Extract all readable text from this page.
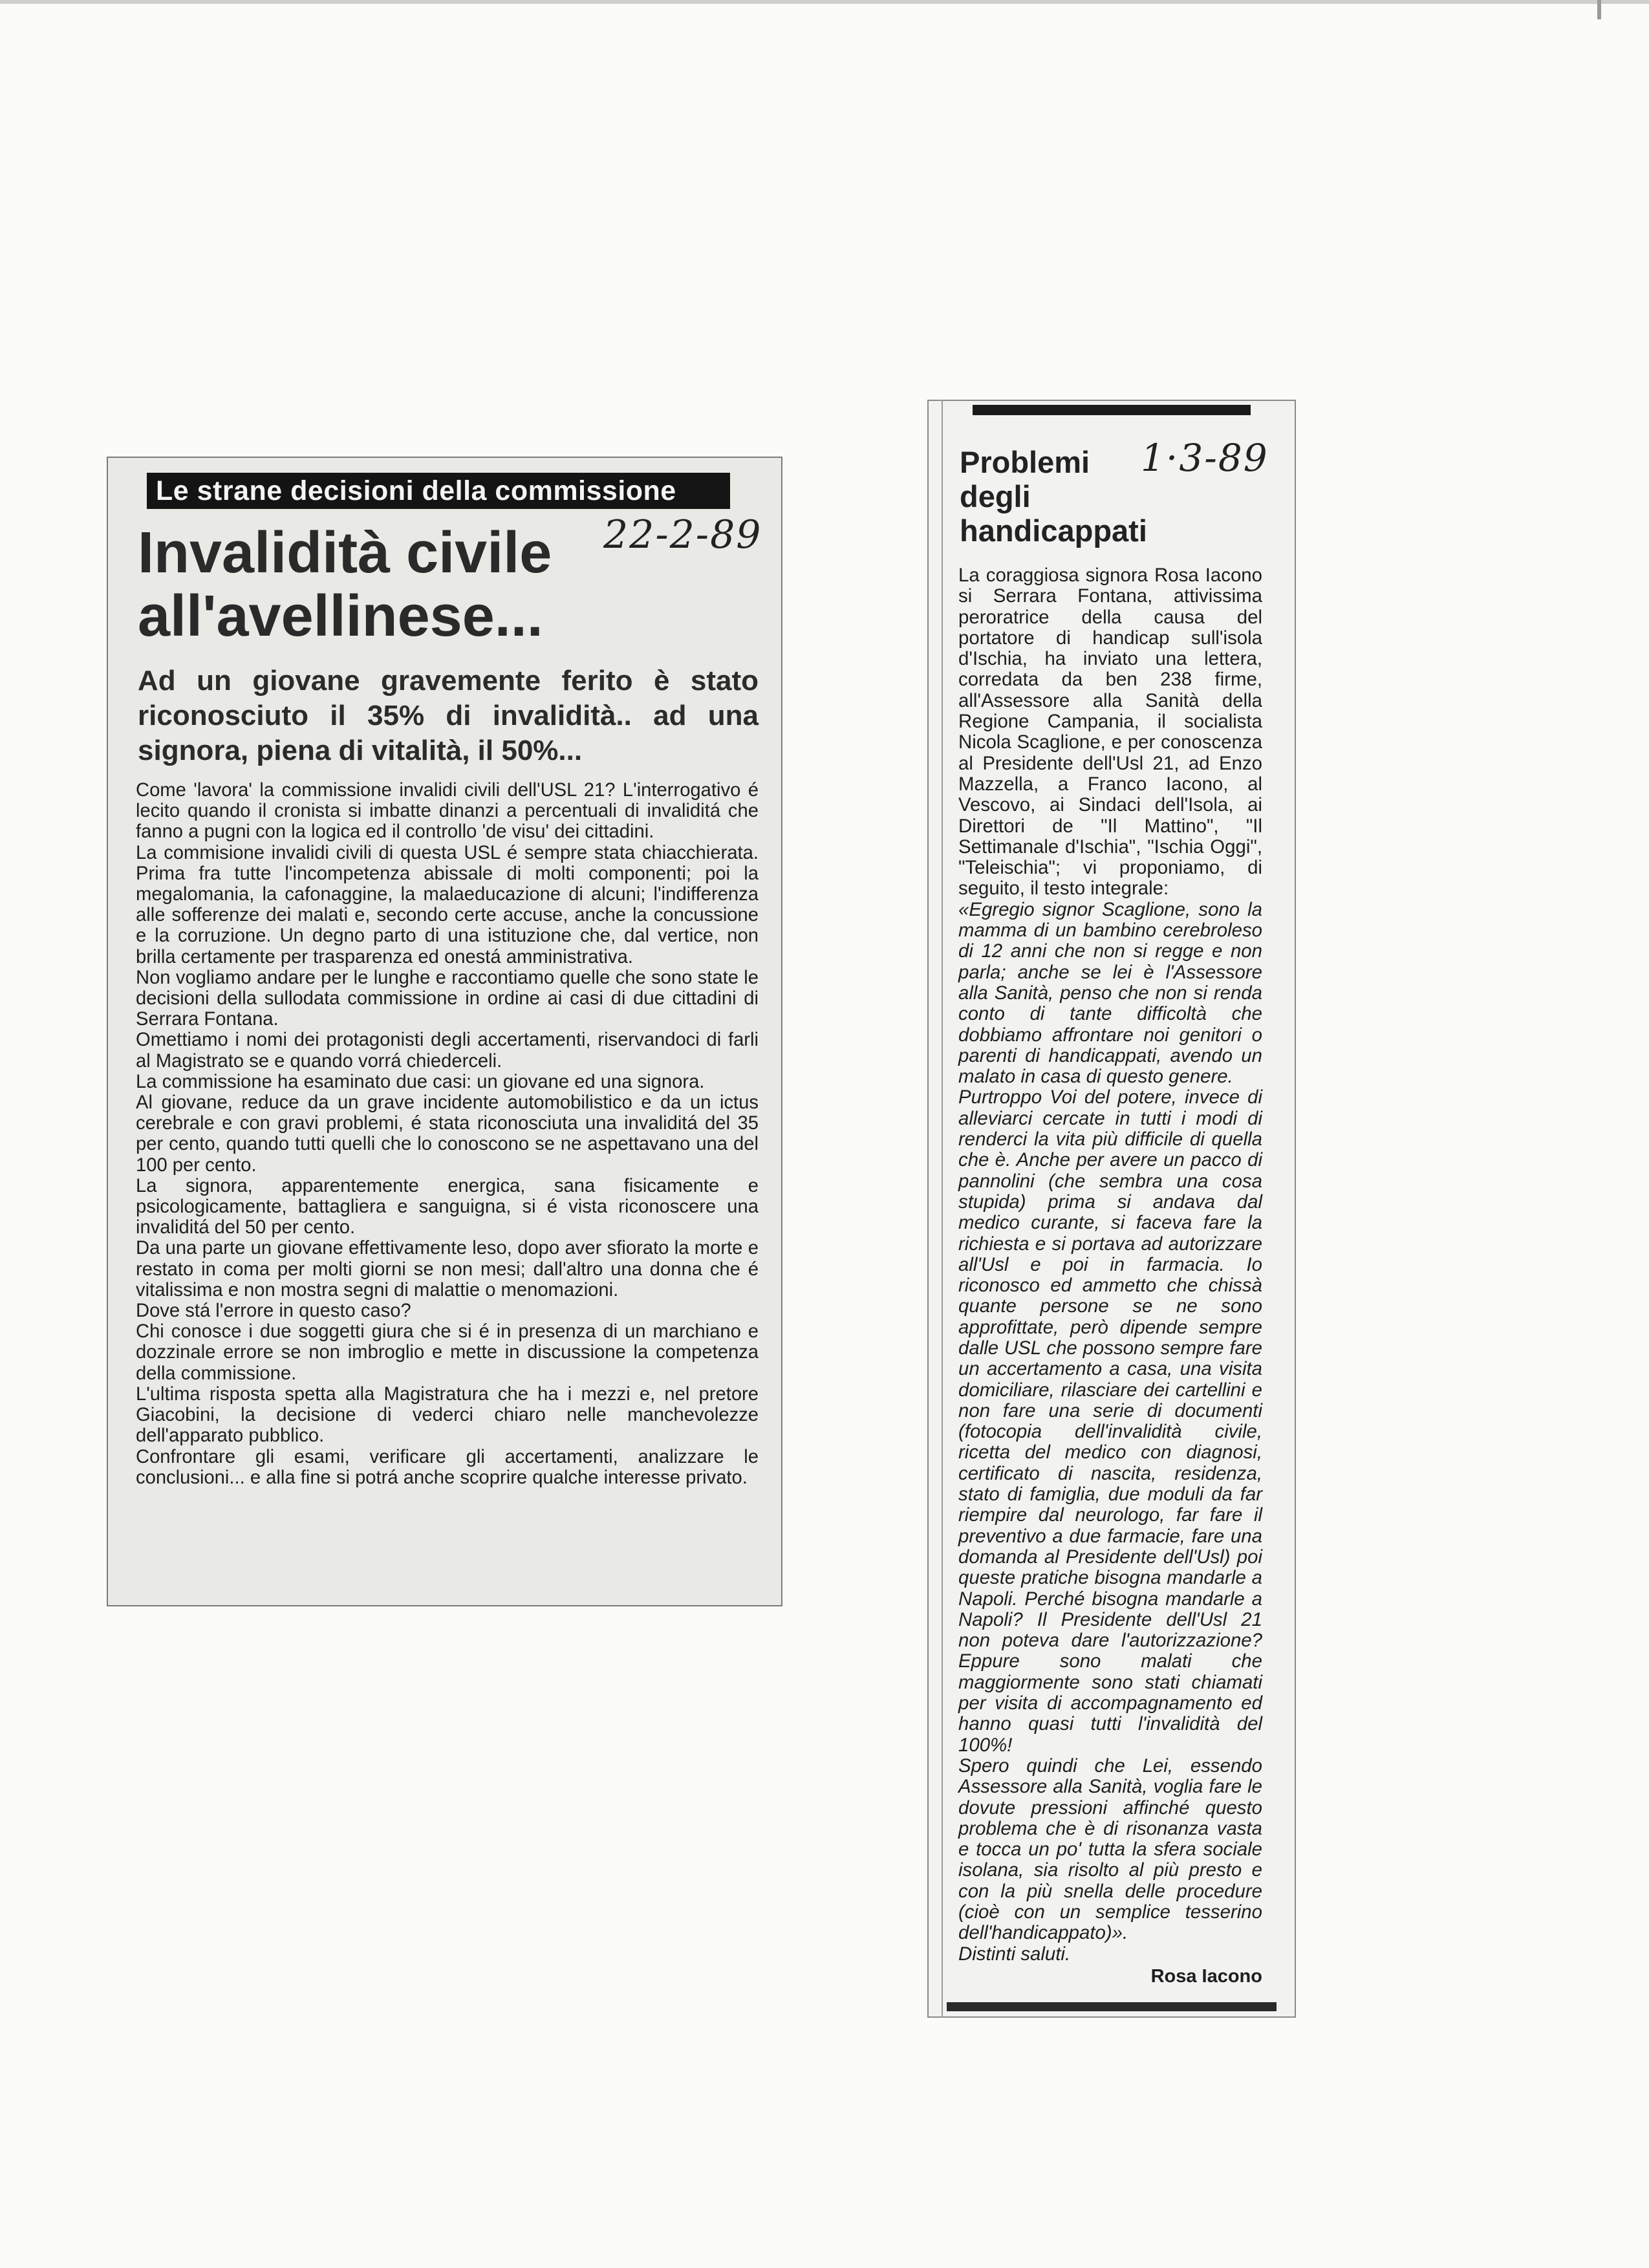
Le strane decisioni della commissione
Invalidità civile all'avellinese...
22-2-89
Ad un giovane gravemente ferito è stato riconosciuto il 35% di invalidità.. ad una signora, piena di vitalità, il 50%...

Come 'lavora' la commissione invalidi civili dell'USL 21? L'interrogativo é lecito quando il cronista si imbatte dinanzi a percentuali di invaliditá che fanno a pugni con la logica ed il controllo 'de visu' dei cittadini.

La commisione invalidi civili di questa USL é sempre stata chiacchierata. Prima fra tutte l'incompetenza abissale di molti componenti; poi la megalomania, la cafonaggine, la malaeducazione di alcuni; l'indifferenza alle sofferenze dei malati e, secondo certe accuse, anche la concussione e la corruzione. Un degno parto di una istituzione che, dal vertice, non brilla certamente per trasparenza ed onestá amministrativa.

Non vogliamo andare per le lunghe e raccontiamo quelle che sono state le decisioni della sullodata commissione in ordine ai casi di due cittadini di Serrara Fontana.

Omettiamo i nomi dei protagonisti degli accertamenti, riservandoci di farli al Magistrato se e quando vorrá chiederceli.

La commissione ha esaminato due casi: un giovane ed una signora.

Al giovane, reduce da un grave incidente automobilistico e da un ictus cerebrale e con gravi problemi, é stata riconosciuta una invaliditá del 35 per cento, quando tutti quelli che lo conoscono se ne aspettavano una del 100 per cento.

La signora, apparentemente energica, sana fisicamente e psicologicamente, battagliera e sanguigna, si é vista riconoscere una invaliditá del 50 per cento.

Da una parte un giovane effettivamente leso, dopo aver sfiorato la morte e restato in coma per molti giorni se non mesi; dall'altro una donna che é vitalissima e non mostra segni di malattie o menomazioni.

Dove stá l'errore in questo caso?

Chi conosce i due soggetti giura che si é in presenza di un marchiano e dozzinale errore se non imbroglio e mette in discussione la competenza della commissione.

L'ultima risposta spetta alla Magistratura che ha i mezzi e, nel pretore Giacobini, la decisione di vederci chiaro nelle manchevolezze dell'apparato pubblico.

Confrontare gli esami, verificare gli accertamenti, analizzare le conclusioni... e alla fine si potrá anche scoprire qualche interesse privato.

Problemi degli handicappati
1·3-89

La coraggiosa signora Rosa Iacono si Serrara Fontana, attivissima peroratrice della causa del portatore di handicap sull'isola d'Ischia, ha inviato una lettera, corredata da ben 238 firme, all'Assessore alla Sanità della Regione Campania, il socialista Nicola Scaglione, e per conoscenza al Presidente dell'Usl 21, ad Enzo Mazzella, a Franco Iacono, al Vescovo, ai Sindaci dell'Isola, ai Direttori de "Il Mattino", "Il Settimanale d'Ischia", "Ischia Oggi", "Teleischia"; vi proponiamo, di seguito, il testo integrale:

«Egregio signor Scaglione, sono la mamma di un bambino cerebroleso di 12 anni che non si regge e non parla; anche se lei è l'Assessore alla Sanità, penso che non si renda conto di tante difficoltà che dobbiamo affrontare noi genitori o parenti di handicappati, avendo un malato in casa di questo genere.

Purtroppo Voi del potere, invece di alleviarci cercate in tutti i modi di renderci la vita più difficile di quella che è. Anche per avere un pacco di pannolini (che sembra una cosa stupida) prima si andava dal medico curante, si faceva fare la richiesta e si portava ad autorizzare all'Usl e poi in farmacia. Io riconosco ed ammetto che chissà quante persone se ne sono approfittate, però dipende sempre dalle USL che possono sempre fare un accertamento a casa, una visita domiciliare, rilasciare dei cartellini e non fare una serie di documenti (fotocopia dell'invalidità civile, ricetta del medico con diagnosi, certificato di nascita, residenza, stato di famiglia, due moduli da far riempire dal neurologo, far fare il preventivo a due farmacie, fare una domanda al Presidente dell'Usl) poi queste pratiche bisogna mandarle a Napoli. Perché bisogna mandarle a Napoli? Il Presidente dell'Usl 21 non poteva dare l'autorizzazione? Eppure sono malati che maggiormente sono stati chiamati per visita di accompagnamento ed hanno quasi tutti l'invalidità del 100%!

Spero quindi che Lei, essendo Assessore alla Sanità, voglia fare le dovute pressioni affinché questo problema che è di risonanza vasta e tocca un po' tutta la sfera sociale isolana, sia risolto al più presto e con la più snella delle procedure (cioè con un semplice tesserino dell'handicappato)».

Distinti saluti.

Rosa Iacono
